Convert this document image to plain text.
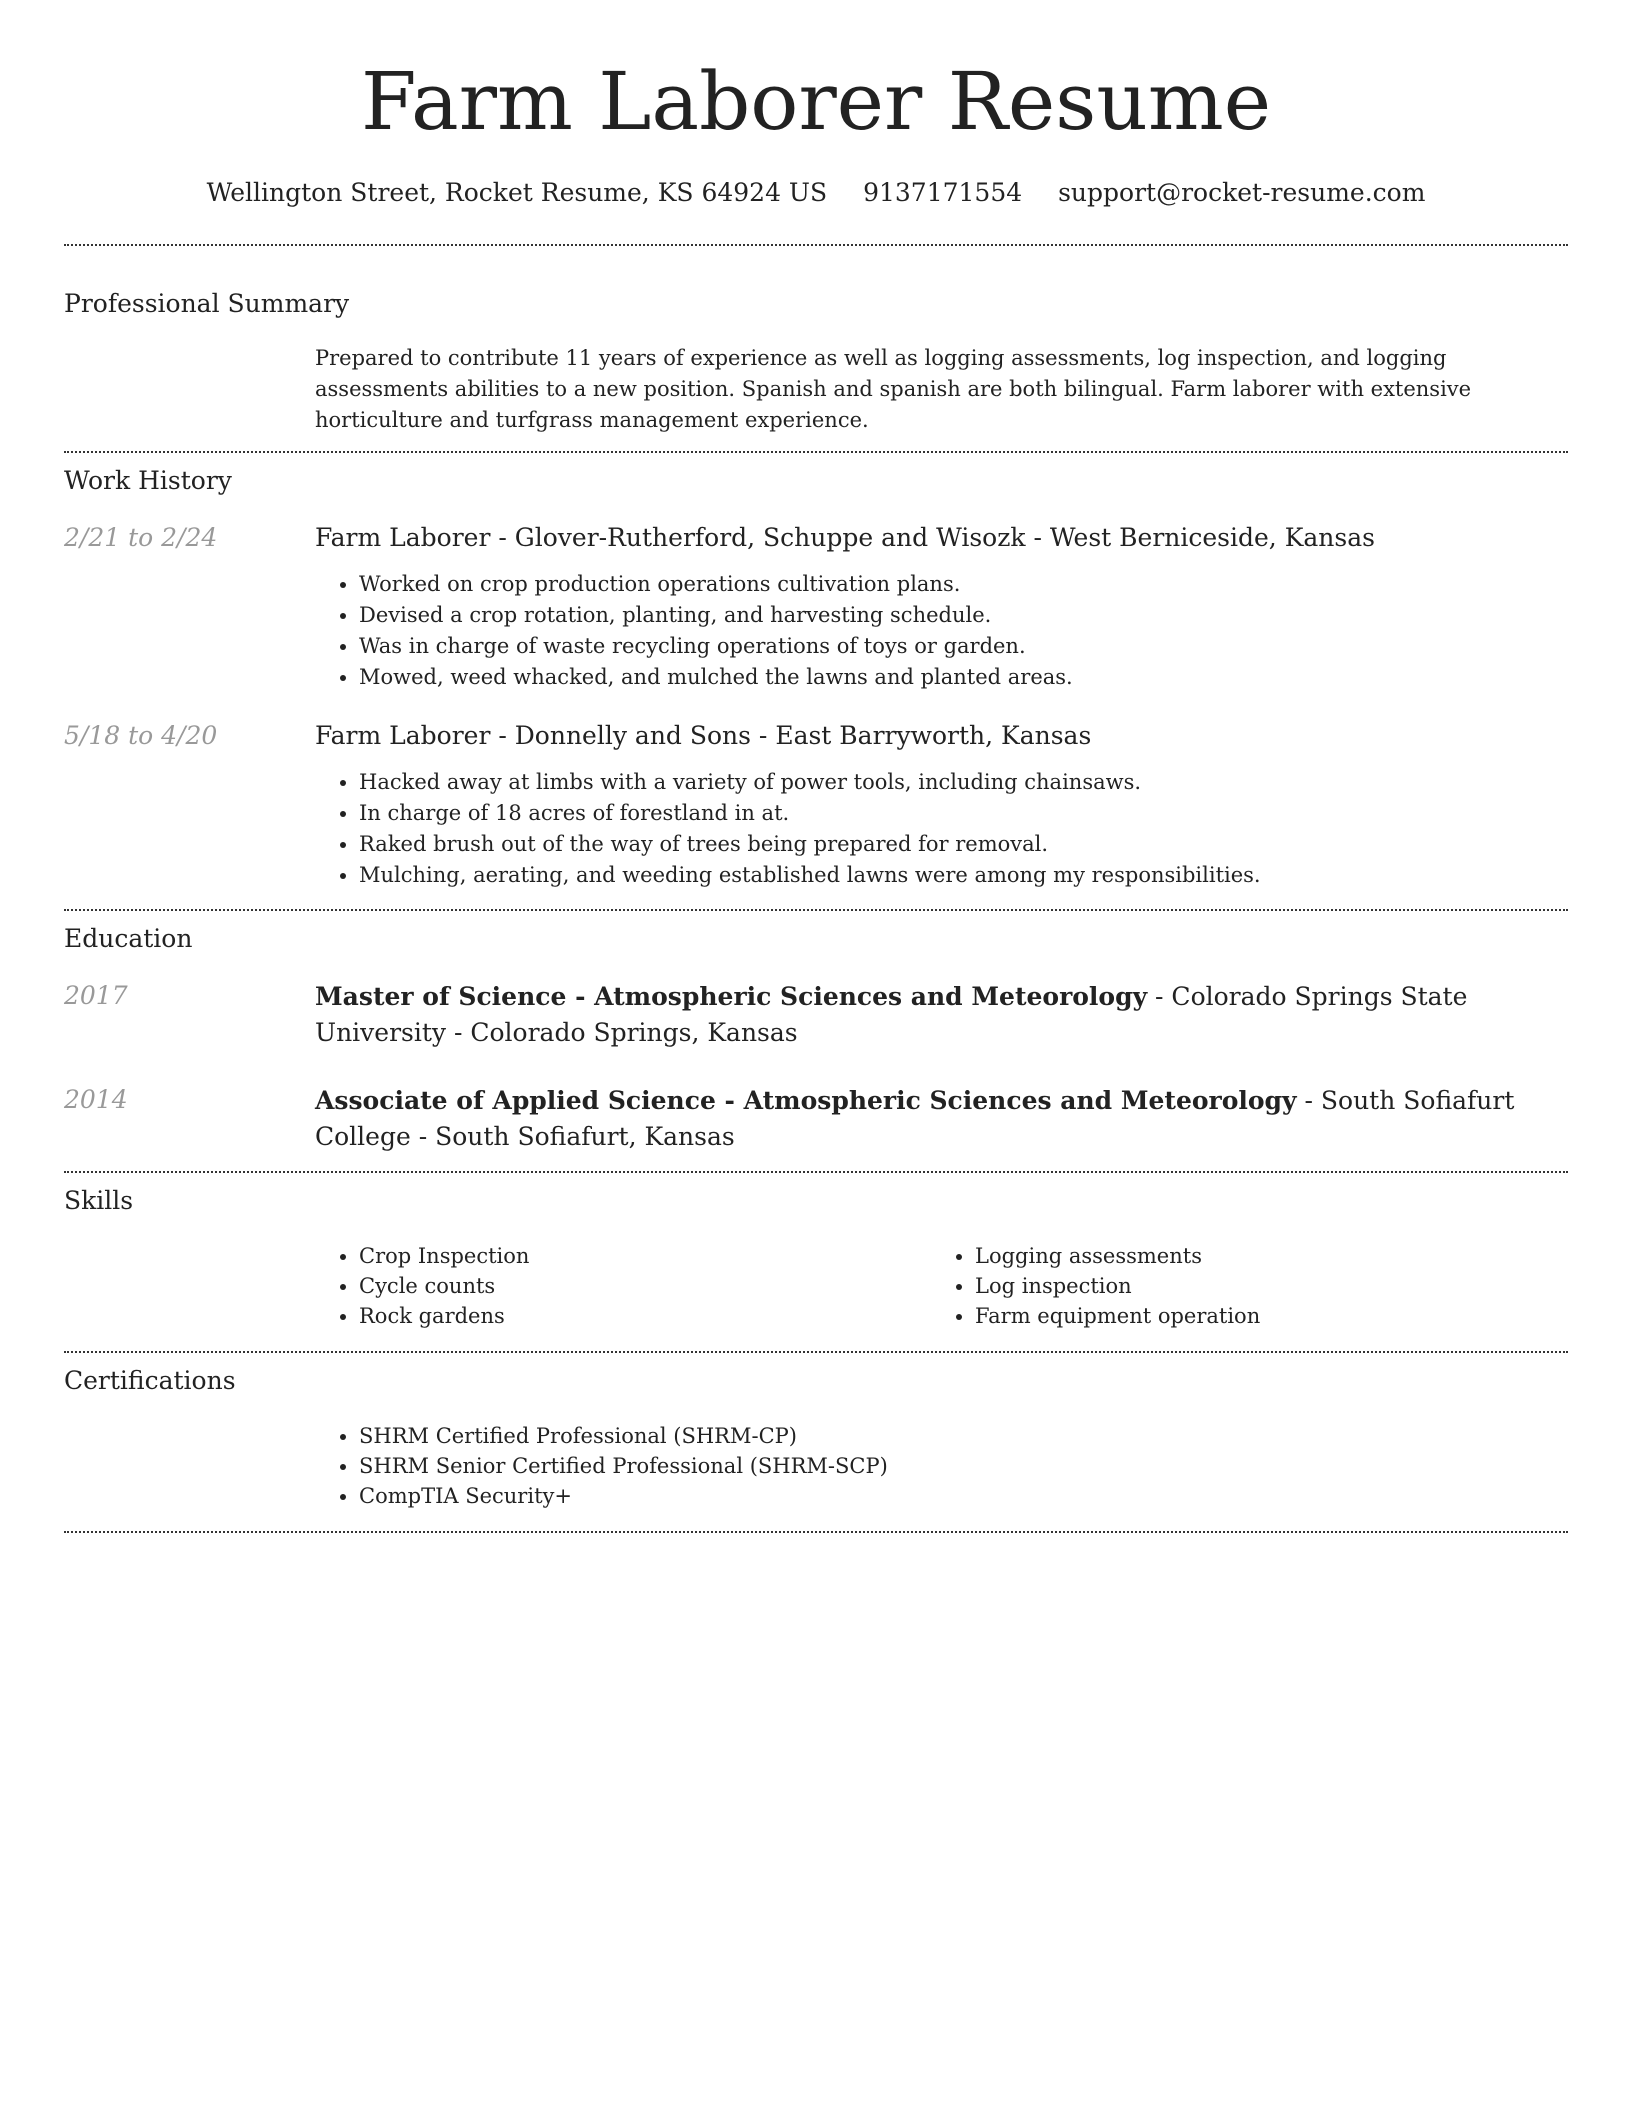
Farm Laborer Resume
Wellington Street, Rocket Resume, KS 64924 US 9137171554 support@rocket-resume.com
Professional Summary

Prepared to contribute 11 years of experience as well as logging assessments, log inspection, and logging assessments abilities to a new position. Spanish and spanish are both bilingual. Farm laborer with extensive horticulture and turfgrass management experience.

Work History
2/21 to 2/24	Farm Laborer - Glover-Rutherford, Schuppe and Wisozk - West Berniceside, Kansas

• Worked on crop production operations cultivation plans.
• Devised a crop rotation, planting, and harvesting schedule.
• Was in charge of waste recycling operations of toys or garden.
• Mowed, weed whacked, and mulched the lawns and planted areas.
5/18 to 4/20	Farm Laborer - Donnelly and Sons - East Barryworth, Kansas

• Hacked away at limbs with a variety of power tools, including chainsaws.
• In charge of 18 acres of forestland in at.
• Raked brush out of the way of trees being prepared for removal.
• Mulching, aerating, and weeding established lawns were among my responsibilities.
Education
2017	Master of Science - Atmospheric Sciences and Meteorology - Colorado Springs State University - Colorado Springs, Kansas

2014	Associate of Applied Science - Atmospheric Sciences and Meteorology - South Sofiafurt College - South Sofiafurt, Kansas

Skills
• Crop Inspection
• Cycle counts
• Rock gardens
• Logging assessments
• Log inspection
• Farm equipment operation
Certifications
• SHRM Certified Professional (SHRM-CP)
• SHRM Senior Certified Professional (SHRM-SCP)
• CompTIA Security+
